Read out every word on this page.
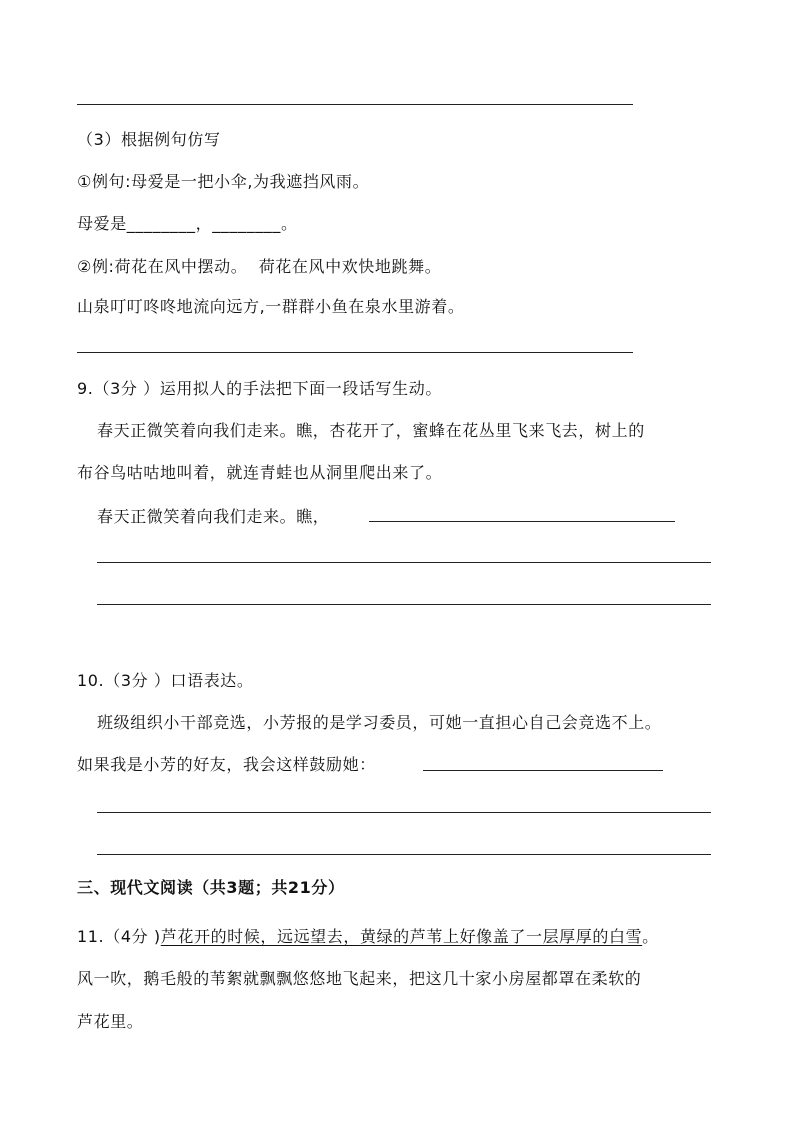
（3）根据例句仿写
①例句:母爱是一把小伞,为我遮挡风雨。
母爱是________，________。
②例:荷花在风中摆动。  荷花在风中欢快地跳舞。
山泉叮叮咚咚地流向远方,一群群小鱼在泉水里游着。
9.（3分 ）运用拟人的手法把下面一段话写生动。
春天正微笑着向我们走来。瞧，杏花开了，蜜蜂在花丛里飞来飞去，树上的
布谷鸟咕咕地叫着，就连青蛙也从洞里爬出来了。
春天正微笑着向我们走来。瞧，
10.（3分 ）口语表达。
班级组织小干部竞选，小芳报的是学习委员，可她一直担心自己会竞选不上。
如果我是小芳的好友，我会这样鼓励她：
三、现代文阅读（共3题；共21分）
11.（4分 )芦花开的时候，远远望去，黄绿的芦苇上好像盖了一层厚厚的白雪。
风一吹，鹅毛般的苇絮就飘飘悠悠地飞起来，把这几十家小房屋都罩在柔软的
芦花里。
